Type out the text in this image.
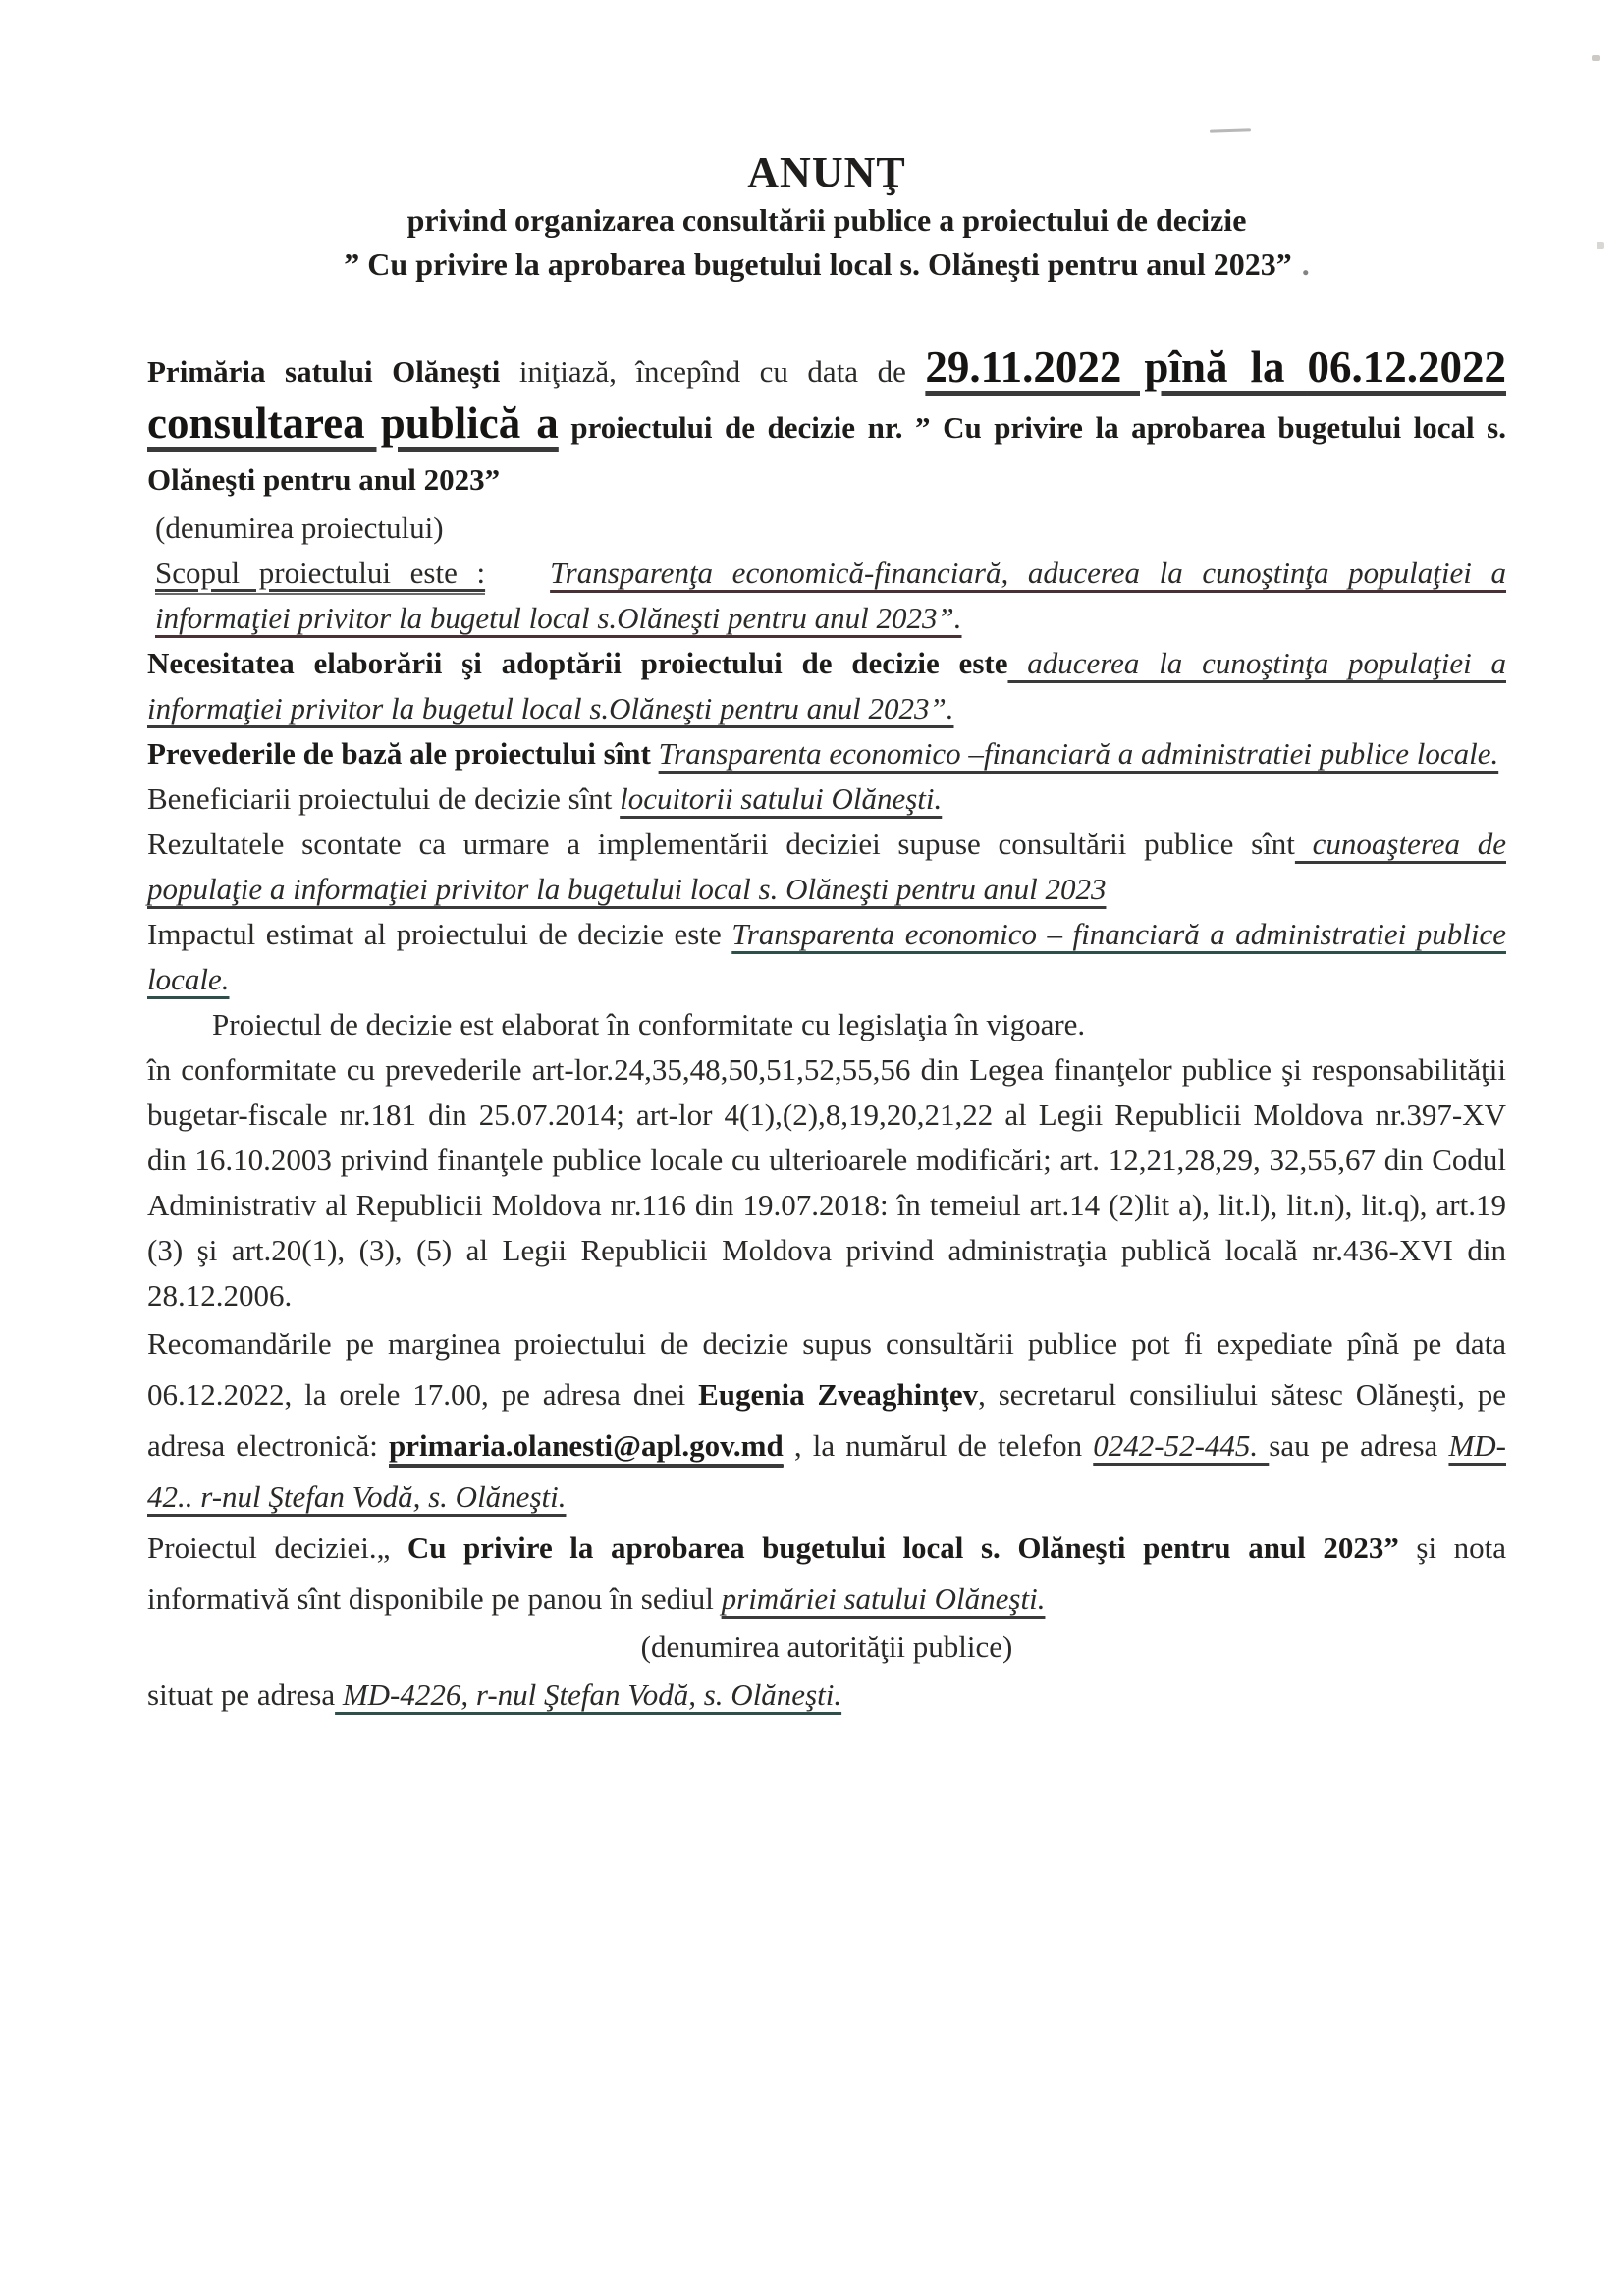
ANUNŢ
privind organizarea consultării publice a proiectului de decizie
” Cu privire la aprobarea bugetului local s. Olăneşti pentru anul 2023” .

Primăria satului Olăneşti iniţiază, începînd cu data de 29.11.2022 pînă la 06.12.2022 consultarea publică a proiectului de decizie nr. ” Cu privire la aprobarea bugetului local s. Olăneşti pentru anul 2023”

(denumirea proiectului)

Scopul proiectului este : Transparenţa economică-financiară, aducerea la cunoştinţa populaţiei a informaţiei privitor la bugetul local s.Olăneşti pentru anul 2023”.

Necesitatea elaborării şi adoptării proiectului de decizie este aducerea la cunoştinţa populaţiei a informaţiei privitor la bugetul local s.Olăneşti pentru anul 2023”.

Prevederile de bază ale proiectului sînt Transparenta economico –financiară a administratiei publice locale.

Beneficiarii proiectului de decizie sînt locuitorii satului Olăneşti.

Rezultatele scontate ca urmare a implementării deciziei supuse consultării publice sînt cunoaşterea de populaţie a informaţiei privitor la bugetului local s. Olăneşti pentru anul 2023

Impactul estimat al proiectului de decizie este Transparenta economico – financiară a administratiei publice locale.

Proiectul de decizie est elaborat în conformitate cu legislaţia în vigoare.

în conformitate cu prevederile art-lor.24,35,48,50,51,52,55,56 din Legea finanţelor publice şi responsabilităţii bugetar-fiscale nr.181 din 25.07.2014; art-lor 4(1),(2),8,19,20,21,22 al Legii Republicii Moldova nr.397-XV din 16.10.2003 privind finanţele publice locale cu ulterioarele modificări; art. 12,21,28,29, 32,55,67 din Codul Administrativ al Republicii Moldova nr.116 din 19.07.2018: în temeiul art.14 (2)lit a), lit.l), lit.n), lit.q), art.19 (3) şi art.20(1), (3), (5) al Legii Republicii Moldova privind administraţia publică locală nr.436-XVI din 28.12.2006.

Recomandările pe marginea proiectului de decizie supus consultării publice pot fi expediate pînă pe data 06.12.2022, la orele 17.00, pe adresa dnei Eugenia Zveaghinţev, secretarul consiliului sătesc Olăneşti, pe adresa electronică: primaria.olanesti@apl.gov.md , la numărul de telefon 0242-52-445. sau pe adresa MD-42.. r-nul Ştefan Vodă, s. Olăneşti.

Proiectul deciziei.„ Cu privire la aprobarea bugetului local s. Olăneşti pentru anul 2023” şi nota informativă sînt disponibile pe panou în sediul primăriei satului Olăneşti.

(denumirea autorităţii publice)

situat pe adresa MD-4226, r-nul Ştefan Vodă, s. Olăneşti.
